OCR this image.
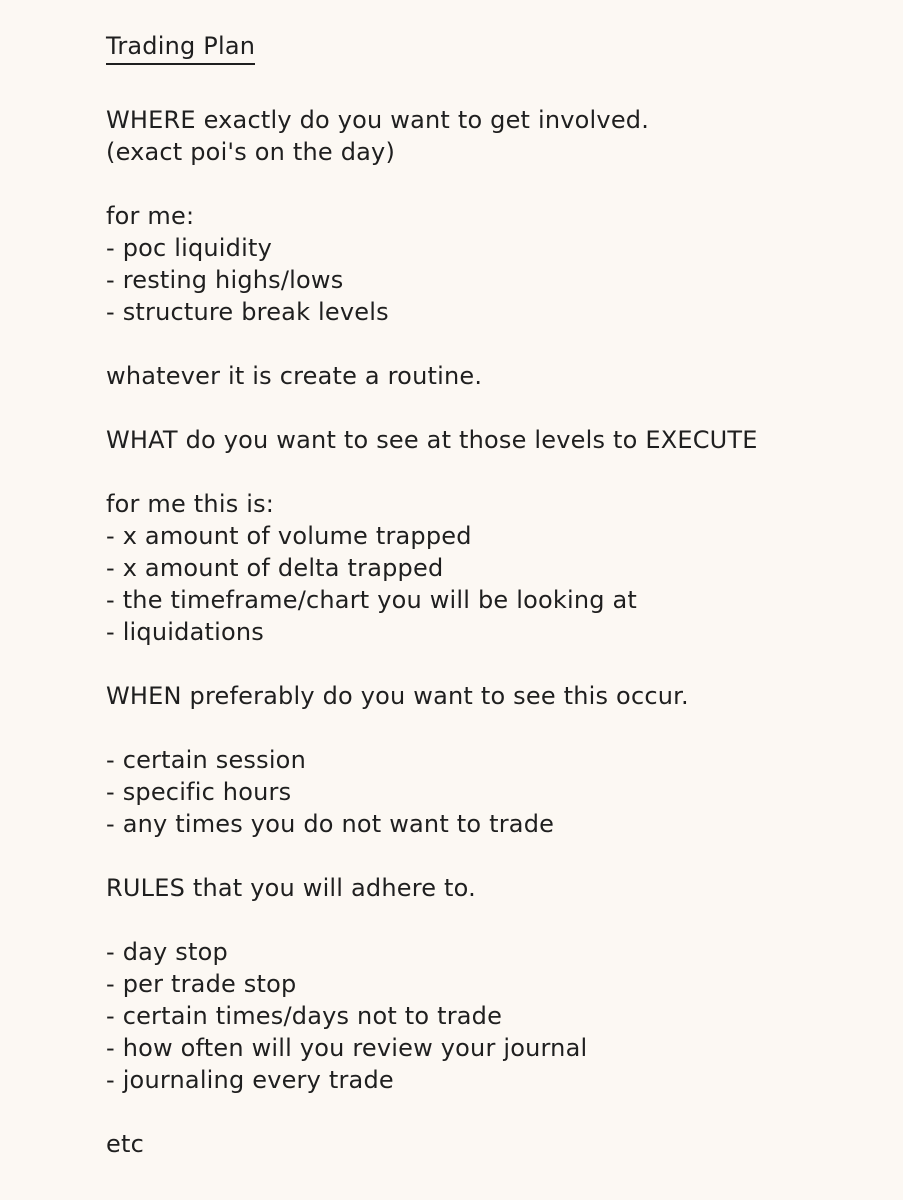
Trading Plan
WHERE exactly do you want to get involved.
(exact poi's on the day)
for me:
- poc liquidity
- resting highs/lows
- structure break levels
whatever it is create a routine.
WHAT do you want to see at those levels to EXECUTE
for me this is:
- x amount of volume trapped
- x amount of delta trapped
- the timeframe/chart you will be looking at
- liquidations
WHEN preferably do you want to see this occur.
- certain session
- specific hours
- any times you do not want to trade
RULES that you will adhere to.
- day stop
- per trade stop
- certain times/days not to trade
- how often will you review your journal
- journaling every trade
etc
